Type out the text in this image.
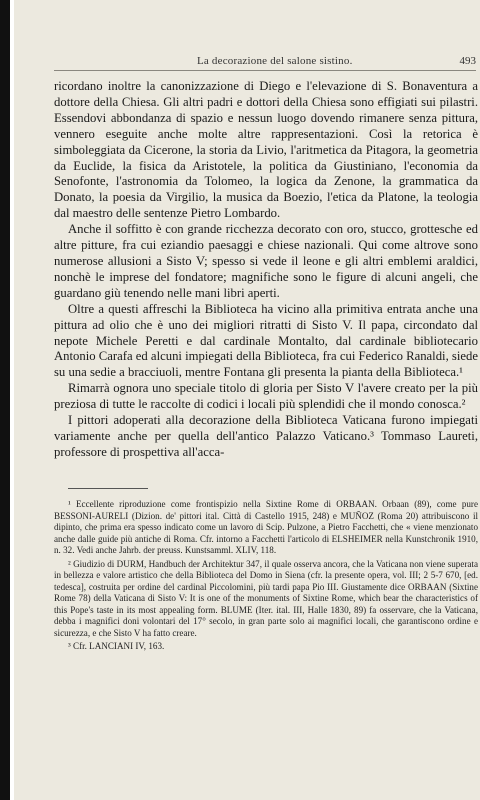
La decorazione del salone sistino.	493

ricordano inoltre la canonizzazione di Diego e l'elevazione di S. Bonaventura a dottore della Chiesa. Gli altri padri e dottori della Chiesa sono effigiati sui pilastri. Essendovi abbondanza di spazio e nessun luogo dovendo rimanere senza pittura, vennero eseguite anche molte altre rappresentazioni. Così la retorica è simboleggiata da Cicerone, la storia da Livio, l'aritmetica da Pitagora, la geometria da Euclide, la fisica da Aristotele, la politica da Giustiniano, l'economia da Senofonte, l'astronomia da Tolomeo, la logica da Zenone, la grammatica da Donato, la poesia da Virgilio, la musica da Boezio, l'etica da Platone, la teologia dal maestro delle sentenze Pietro Lombardo.

Anche il soffitto è con grande ricchezza decorato con oro, stucco, grottesche ed altre pitture, fra cui eziandio paesaggi e chiese nazionali. Qui come altrove sono numerose allusioni a Sisto V; spesso si vede il leone e gli altri emblemi araldici, nonchè le imprese del fondatore; magnifiche sono le figure di alcuni angeli, che guardano giù tenendo nelle mani libri aperti.

Oltre a questi affreschi la Biblioteca ha vicino alla primitiva entrata anche una pittura ad olio che è uno dei migliori ritratti di Sisto V. Il papa, circondato dal nepote Michele Peretti e dal cardinale Montalto, dal cardinale bibliotecario Antonio Carafa ed alcuni impiegati della Biblioteca, fra cui Federico Ranaldi, siede su una sedie a bracciuoli, mentre Fontana gli presenta la pianta della Biblioteca.¹

Rimarrà ognora uno speciale titolo di gloria per Sisto V l'avere creato per la più preziosa di tutte le raccolte di codici i locali più splendidi che il mondo conosca.²

I pittori adoperati alla decorazione della Biblioteca Vaticana furono impiegati variamente anche per quella dell'antico Palazzo Vaticano.³ Tommaso Laureti, professore di prospettiva all'acca-

¹ Eccellente riproduzione come frontispizio nella Sixtine Rome di ORBAAN. Orbaan (89), come pure BESSONI-AURELI (Dizion. de' pittori ital. Città di Castello 1915, 248) e MUÑOZ (Roma 20) attribuiscono il dipinto, che prima era spesso indicato come un lavoro di Scip. Pulzone, a Pietro Facchetti, che « viene menzionato anche dalle guide più antiche di Roma. Cfr. intorno a Facchetti l'articolo di ELSHEIMER nella Kunstchronik 1910, n. 32. Vedi anche Jahrb. der preuss. Kunstsamml. XLIV, 118.

² Giudizio di DURM, Handbuch der Architektur 347, il quale osserva ancora, che la Vaticana non viene superata in bellezza e valore artistico che della Biblioteca del Domo in Siena (cfr. la presente opera, vol. III; 2 5-7 670, [ed. tedesca], costruita per ordine del cardinal Piccolomini, più tardi papa Pio III. Giustamente dice ORBAAN (Sixtine Rome 78) della Vaticana di Sisto V: It is one of the monuments of Sixtine Rome, which bear the characteristics of this Pope's taste in its most appealing form. BLUME (Iter. ital. III, Halle 1830, 89) fa osservare, che la Vaticana, debba i magnifici doni volontari del 17° secolo, in gran parte solo ai magnifici locali, che garantiscono ordine e sicurezza, e che Sisto V ha fatto creare.

³ Cfr. LANCIANI IV, 163.
